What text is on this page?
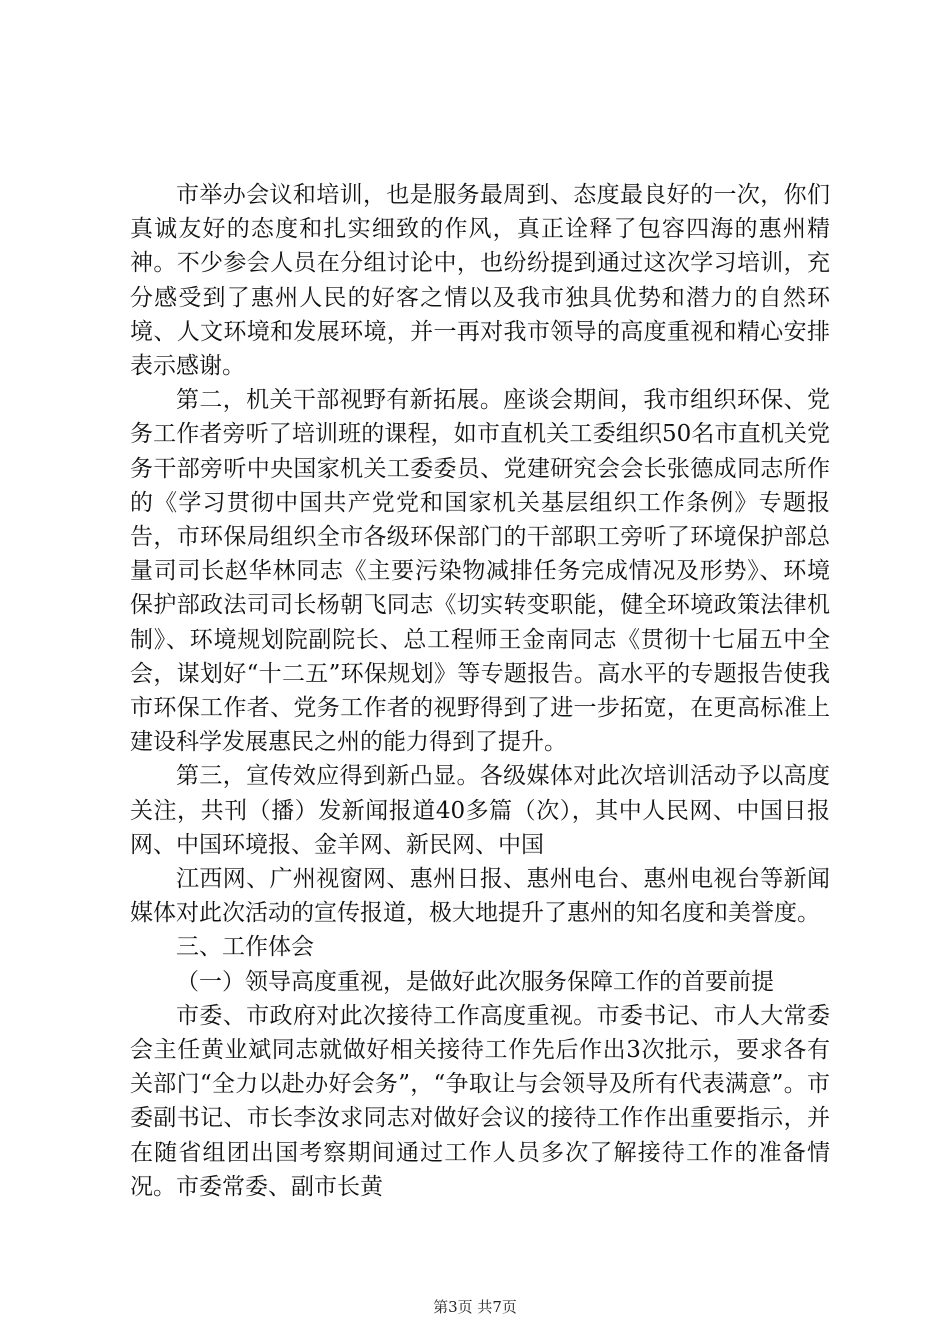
市举办会议和培训，也是服务最周到、态度最良好的一次，你们真诚友好的态度和扎实细致的作风，真正诠释了包容四海的惠州精神。不少参会人员在分组讨论中，也纷纷提到通过这次学习培训，充分感受到了惠州人民的好客之情以及我市独具优势和潜力的自然环境、人文环境和发展环境，并一再对我市领导的高度重视和精心安排表示感谢。

第二，机关干部视野有新拓展。座谈会期间，我市组织环保、党务工作者旁听了培训班的课程，如市直机关工委组织50名市直机关党务干部旁听中央国家机关工委委员、党建研究会会长张德成同志所作的《学习贯彻中国共产党党和国家机关基层组织工作条例》专题报告，市环保局组织全市各级环保部门的干部职工旁听了环境保护部总量司司长赵华林同志《主要污染物减排任务完成情况及形势》、环境保护部政法司司长杨朝飞同志《切实转变职能，健全环境政策法律机制》、环境规划院副院长、总工程师王金南同志《贯彻十七届五中全会，谋划好“十二五”环保规划》等专题报告。高水平的专题报告使我市环保工作者、党务工作者的视野得到了进一步拓宽，在更高标准上建设科学发展惠民之州的能力得到了提升。

第三，宣传效应得到新凸显。各级媒体对此次培训活动予以高度关注，共刊（播）发新闻报道40多篇（次），其中人民网、中国日报网、中国环境报、金羊网、新民网、中国

江西网、广州视窗网、惠州日报、惠州电台、惠州电视台等新闻媒体对此次活动的宣传报道，极大地提升了惠州的知名度和美誉度。

三、工作体会

（一）领导高度重视，是做好此次服务保障工作的首要前提

市委、市政府对此次接待工作高度重视。市委书记、市人大常委会主任黄业斌同志就做好相关接待工作先后作出3次批示，要求各有关部门“全力以赴办好会务”，“争取让与会领导及所有代表满意”。市委副书记、市长李汝求同志对做好会议的接待工作作出重要指示，并在随省组团出国考察期间通过工作人员多次了解接待工作的准备情况。市委常委、副市长黄

第3页 共7页
